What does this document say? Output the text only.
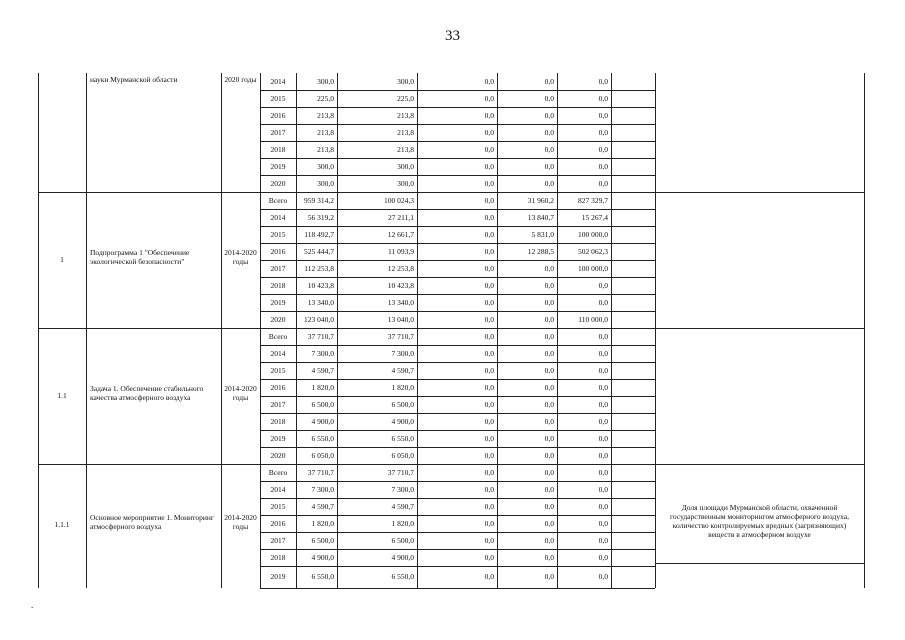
33
науки Мурманской области	2020 годы	2014	300,0	300,0	0,0	0,0	0,0
2015	225,0	225,0	0,0	0,0	0,0
2016	213,8	213,8	0,0	0,0	0,0
2017	213,8	213,8	0,0	0,0	0,0
2018	213,8	213,8	0,0	0,0	0,0
2019	300,0	300,0	0,0	0,0	0,0
2020	300,0	300,0	0,0	0,0	0,0
1
Подпрограмма 1 "Обеспечение экологической безопасности"
2014-2020 годы
Всего	959 314,2	100 024,3	0,0	31 960,2	827 329,7
2014	56 319,2	27 211,1	0,0	13 840,7	15 267,4
2015	118 492,7	12 661,7	0,0	5 831,0	100 000,0
2016	525 444,7	11 093,9	0,0	12 288,5	502 062,3
2017	112 253,8	12 253,8	0,0	0,0	100 000,0
2018	10 423,8	10 423,8	0,0	0,0	0,0
2019	13 340,0	13 340,0	0,0	0,0	0,0
2020	123 040,0	13 040,0	0,0	0,0	110 000,0
1.1
Задача 1. Обеспечение стабильного качества атмосферного воздуха
2014-2020 годы
Всего	37 710,7	37 710,7	0,0	0,0	0,0
2014	7 300,0	7 300,0	0,0	0,0	0,0
2015	4 590,7	4 590,7	0,0	0,0	0,0
2016	1 820,0	1 820,0	0,0	0,0	0,0
2017	6 500,0	6 500,0	0,0	0,0	0,0
2018	4 900,0	4 900,0	0,0	0,0	0,0
2019	6 550,0	6 550,0	0,0	0,0	0,0
2020	6 050,0	6 050,0	0,0	0,0	0,0
1.1.1
Основное мероприятие 1. Мониторинг атмосферного воздуха
2014-2020 годы
Доля площади Мурманской области, охваченной государственным мониторингом атмосферного воздуха, количество контролируемых вредных (загрязняющих) веществ в атмосферном воздухе
Всего	37 710,7	37 710,7	0,0	0,0	0,0
2014	7 300,0	7 300,0	0,0	0,0	0,0
2015	4 590,7	4 590,7	0,0	0,0	0,0
2016	1 820,0	1 820,0	0,0	0,0	0,0
2017	6 500,0	6 500,0	0,0	0,0	0,0
2018	4 900,0	4 900,0	0,0	0,0	0,0
2019	6 550,0	6 550,0	0,0	0,0	0,0
.
